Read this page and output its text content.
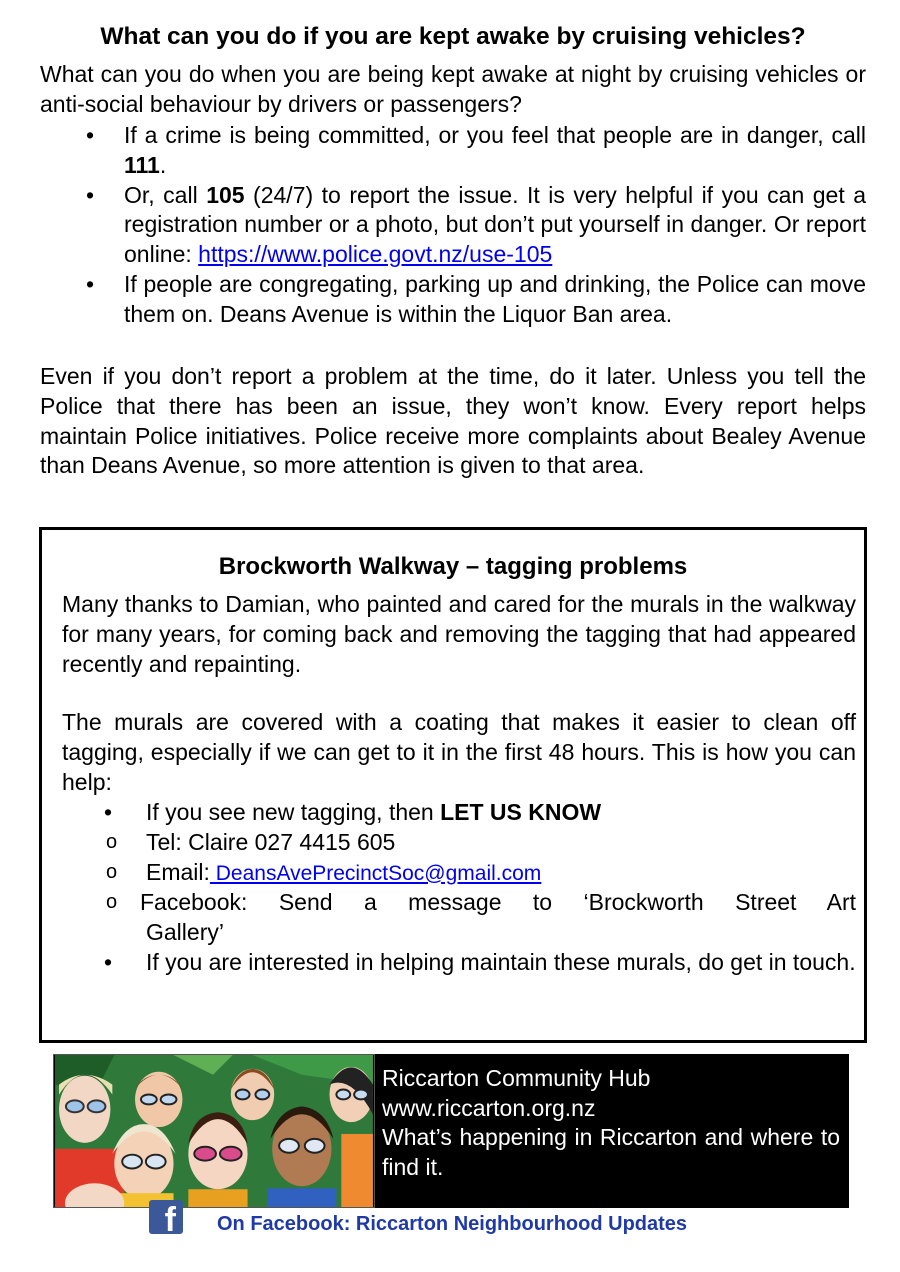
What can you do if you are kept awake by cruising vehicles?
What can you do when you are being kept awake at night by cruising vehicles or anti-social behaviour by drivers or passengers?
• If a crime is being committed, or you feel that people are in danger, call 111.
• Or, call 105 (24/7) to report the issue. It is very helpful if you can get a registration number or a photo, but don’t put yourself in danger. Or report online: https://www.police.govt.nz/use-105
• If people are congregating, parking up and drinking, the Police can move them on. Deans Avenue is within the Liquor Ban area.
Even if you don’t report a problem at the time, do it later. Unless you tell the Police that there has been an issue, they won’t know. Every report helps maintain Police initiatives. Police receive more complaints about Bealey Avenue than Deans Avenue, so more attention is given to that area.
Brockworth Walkway – tagging problems
Many thanks to Damian, who painted and cared for the murals in the walkway for many years, for coming back and removing the tagging that had appeared recently and repainting.
The murals are covered with a coating that makes it easier to clean off tagging, especially if we can get to it in the first 48 hours. This is how you can help:
• If you see new tagging, then LET US KNOW
o Tel: Claire 027 4415 605
o Email: DeansAvePrecinctSoc@gmail.com
o Facebook: Send a message to ‘Brockworth Street Art
Gallery’
• If you are interested in helping maintain these murals, do get in touch.
Riccarton Community Hub
www.riccarton.org.nz
What’s happening in Riccarton and where to find it.
f	On Facebook: Riccarton Neighbourhood Updates
